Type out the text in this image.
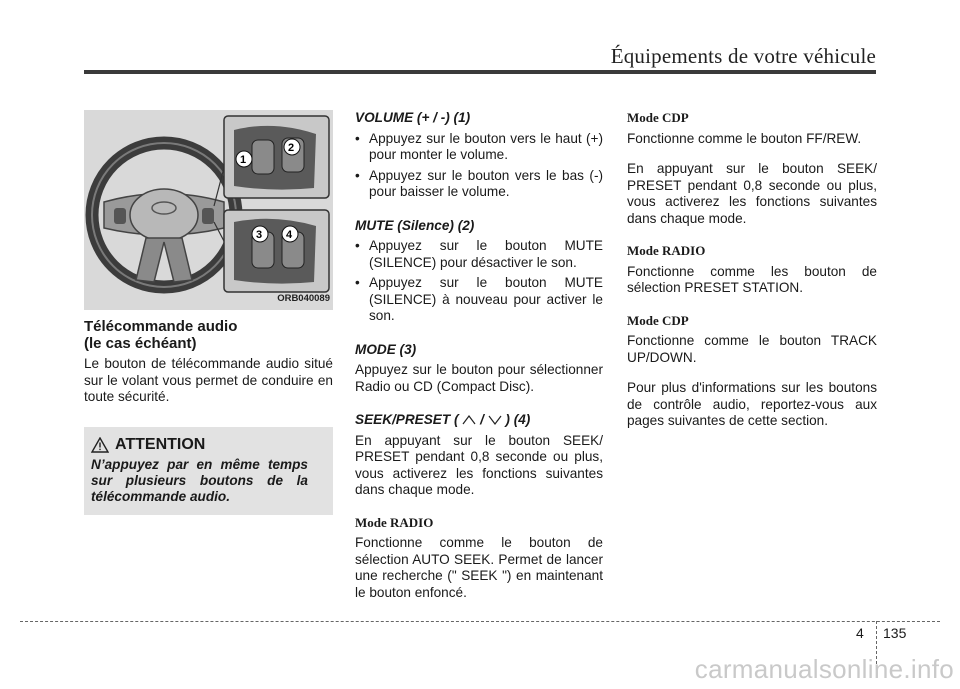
Équipements de votre véhicule
1
2
3 4
ORB040089
Télécommande audio
(le cas échéant)
Le bouton de télécommande audio situé sur le volant vous permet de conduire en toute sécurité.
ATTENTION
N’appuyez par en même temps sur plusieurs boutons de la télécommande audio.
VOLUME (+ / -) (1)
• Appuyez sur le bouton vers le haut (+) pour monter le volume.
• Appuyez sur le bouton vers le bas (-) pour baisser le volume.
MUTE (Silence) (2)
• Appuyez sur le bouton MUTE (SILENCE) pour désactiver le son.
• Appuyez sur le bouton MUTE (SILENCE) à nouveau pour activer le son.
MODE (3)
Appuyez sur le bouton pour sélectionner Radio ou CD (Compact Disc).
SEEK/PRESET ( / ) (4)
En appuyant sur le bouton SEEK/ PRESET pendant 0,8 seconde ou plus, vous activerez les fonctions suivantes dans chaque mode.
Mode RADIO
Fonctionne comme le bouton de sélection AUTO SEEK. Permet de lancer une recherche (" SEEK ") en maintenant le bouton enfoncé.
Mode CDP
Fonctionne comme le bouton FF/REW.
En appuyant sur le bouton SEEK/ PRESET pendant 0,8 seconde ou plus, vous activerez les fonctions suivantes dans chaque mode.
Mode RADIO
Fonctionne comme les bouton de sélection PRESET STATION.
Mode CDP
Fonctionne comme le bouton TRACK UP/DOWN.
Pour plus d'informations sur les boutons de contrôle audio, reportez-vous aux pages suivantes de cette section.
4 135
carmanualsonline.info
